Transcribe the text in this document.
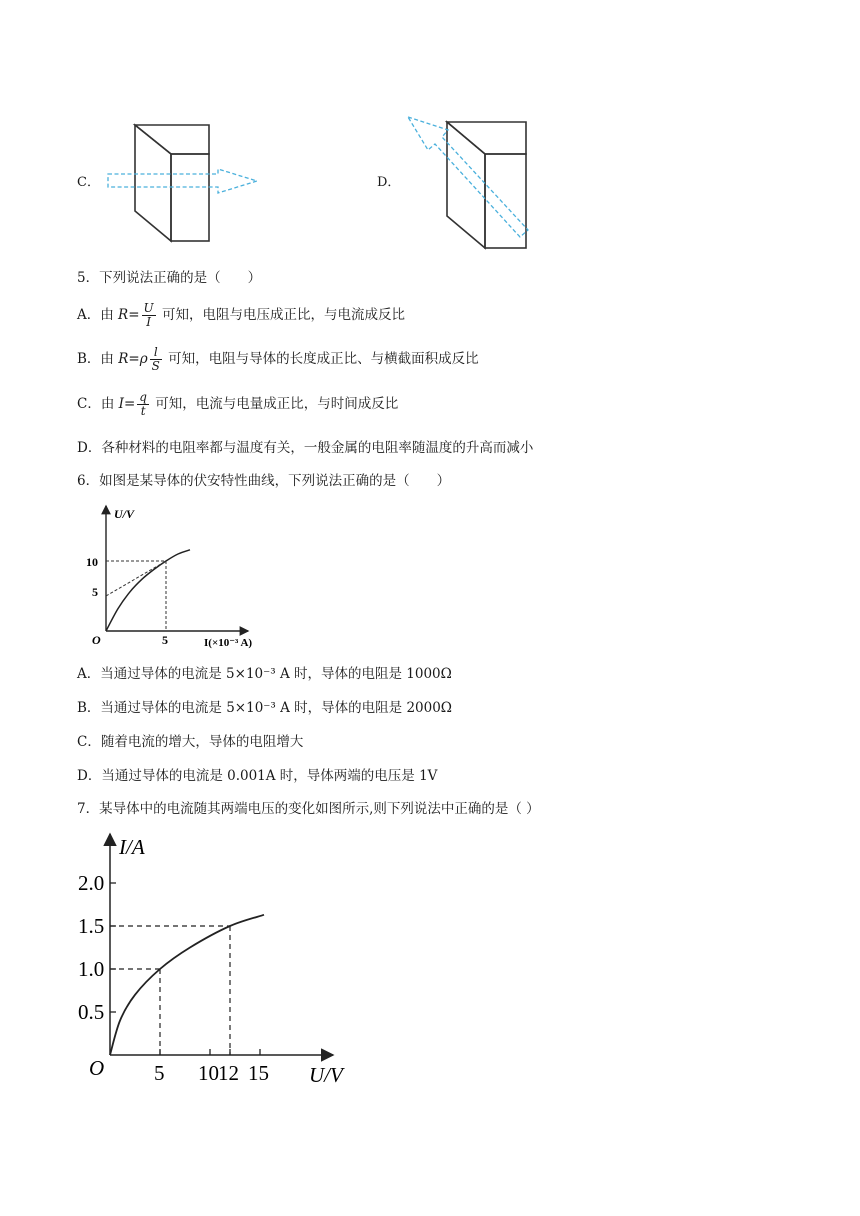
C．	D．
5．下列说法正确的是（　　）
A．由 $R= \frac{U}{I}$ 可知，电阻与电压成正比，与电流成反比
B．由 $R=\rho \frac{l}{S}$ 可知，电阻与导体的长度成正比、与横截面积成反比
C．由 $I= \frac{q}{t}$ 可知，电流与电量成正比，与时间成反比
D．各种材料的电阻率都与温度有关，一般金属的电阻率随温度的升高而减小
6．如图是某导体的伏安特性曲线，下列说法正确的是（　　）
U/V
I(×10⁻³ A)
O
5
10
5
A．当通过导体的电流是 5×10⁻³ A 时，导体的电阻是 1000Ω
B．当通过导体的电流是 5×10⁻³ A 时，导体的电阻是 2000Ω
C．随着电流的增大，导体的电阻增大
D．当通过导体的电流是 0.001A 时，导体两端的电压是 1V
7．某导体中的电流随其两端电压的变化如图所示,则下列说法中正确的是（ ）
I/A
U/V
O
0.5
1.0
1.5
2.0
5 10 12 15
